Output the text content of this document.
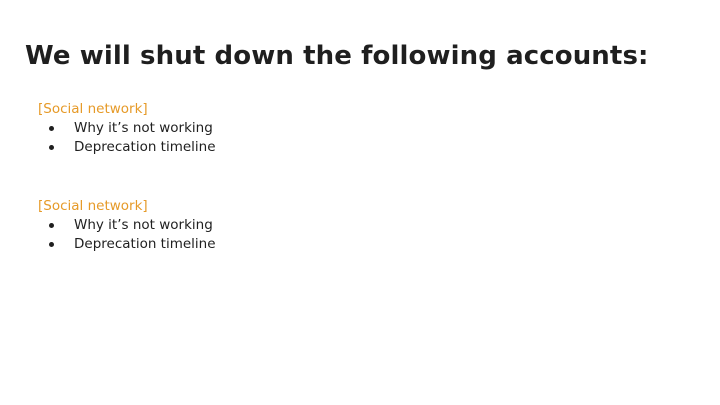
We will shut down the following accounts:
[Social network]
Why it’s not working
Deprecation timeline
[Social network]
Why it’s not working
Deprecation timeline
